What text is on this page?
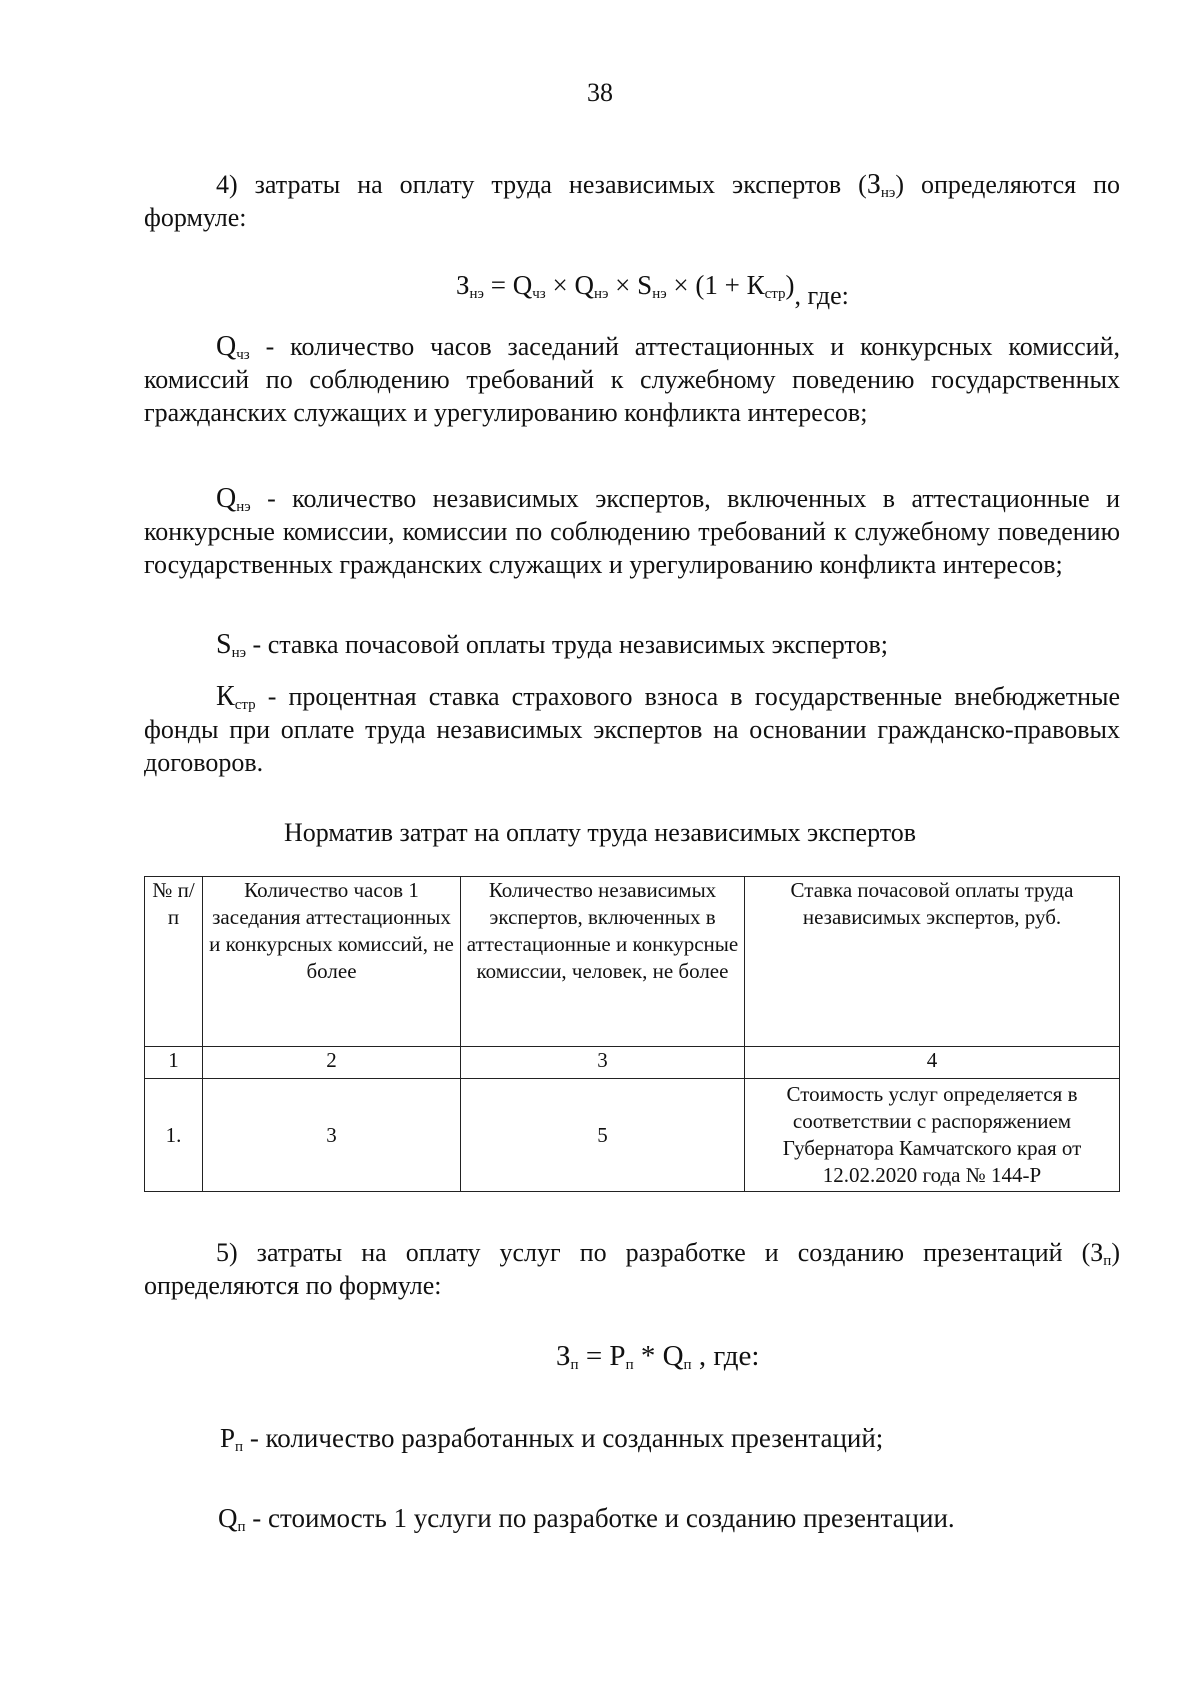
38
4) затраты на оплату труда независимых экспертов $(З_{нэ})$ определяются по формуле:
$З_{нэ} = Q_{чз} \times Q_{нэ} \times S_{нэ} \times (1 + К_{стр})$, где:
$Q_{чз}$ - количество часов заседаний аттестационных и конкурсных комиссий, комиссий по соблюдению требований к служебному поведению государственных гражданских служащих и урегулированию конфликта интересов;
$Q_{нэ}$ - количество независимых экспертов, включенных в аттестационные и конкурсные комиссии, комиссии по соблюдению требований к служебному поведению государственных гражданских служащих и урегулированию конфликта интересов;
$S_{нэ}$ - ставка почасовой оплаты труда независимых экспертов;
$К_{стр}$ - процентная ставка страхового взноса в государственные внебюджетные фонды при оплате труда независимых экспертов на основании гражданско-правовых договоров.
Норматив затрат на оплату труда независимых экспертов
№ п/п	Количество часов 1 заседания аттестационных и конкурсных комиссий, не более	Количество независимых экспертов, включенных в аттестационные и конкурсные комиссии, человек, не более	Ставка почасовой оплаты труда независимых экспертов, руб.
1	2	3	4
1.	3	5	Стоимость услуг определяется в соответствии с распоряжением Губернатора Камчатского края от 12.02.2020 года № 144-Р
5) затраты на оплату услуг по разработке и созданию презентаций $(З_п)$ определяются по формуле:
$З_п = P_п * Q_п$ , где:
$P_п$ - количество разработанных и созданных презентаций;
$Q_п$ - стоимость 1 услуги по разработке и созданию презентации.
